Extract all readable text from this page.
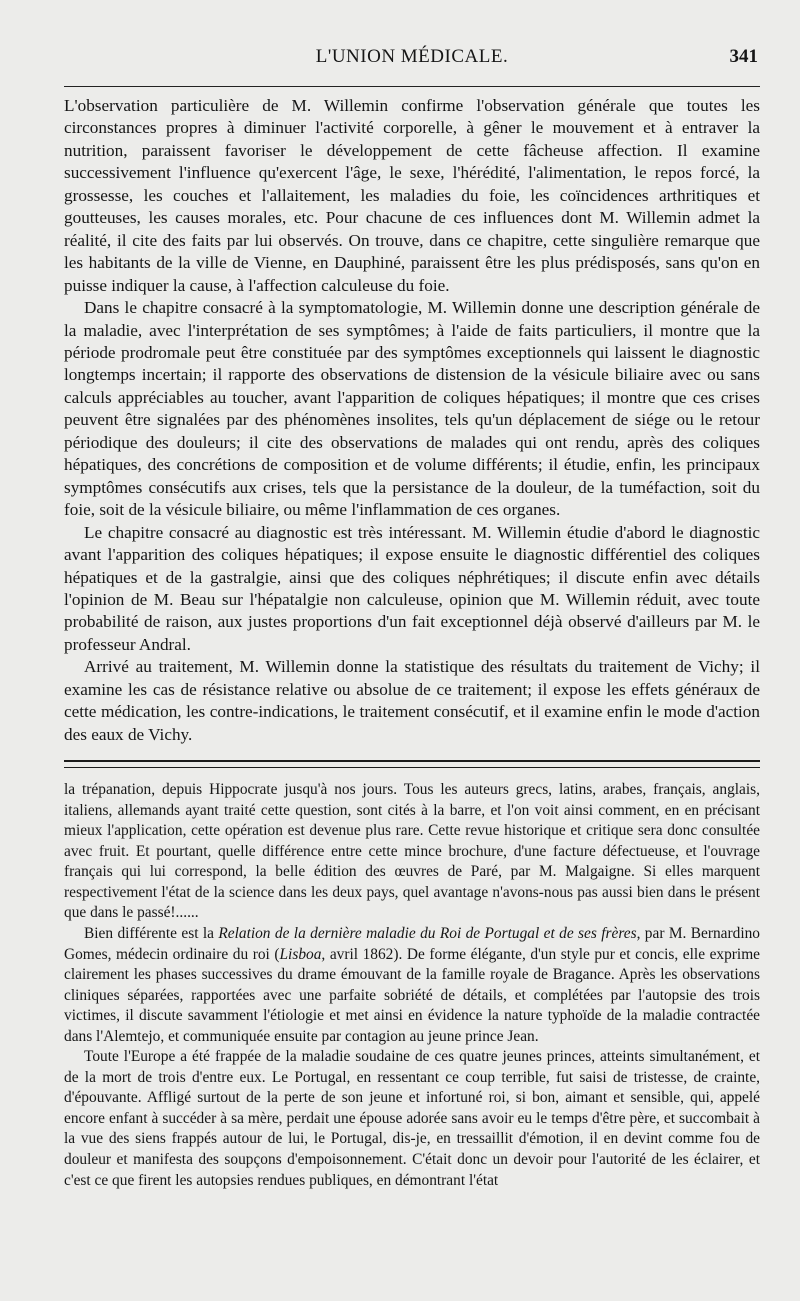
L'UNION MÉDICALE.	341

L'observation particulière de M. Willemin confirme l'observation générale que toutes les circonstances propres à diminuer l'activité corporelle, à gêner le mouvement et à entraver la nutrition, paraissent favoriser le développement de cette fâcheuse affection. Il examine successivement l'influence qu'exercent l'âge, le sexe, l'hérédité, l'alimentation, le repos forcé, la grossesse, les couches et l'allaitement, les maladies du foie, les coïncidences arthritiques et goutteuses, les causes morales, etc. Pour chacune de ces influences dont M. Willemin admet la réalité, il cite des faits par lui observés. On trouve, dans ce chapitre, cette singulière remarque que les habitants de la ville de Vienne, en Dauphiné, paraissent être les plus prédisposés, sans qu'on en puisse indiquer la cause, à l'affection calculeuse du foie.

Dans le chapitre consacré à la symptomatologie, M. Willemin donne une description générale de la maladie, avec l'interprétation de ses symptômes; à l'aide de faits particuliers, il montre que la période prodromale peut être constituée par des symptômes exceptionnels qui laissent le diagnostic longtemps incertain; il rapporte des observations de distension de la vésicule biliaire avec ou sans calculs appréciables au toucher, avant l'apparition de coliques hépatiques; il montre que ces crises peuvent être signalées par des phénomènes insolites, tels qu'un déplacement de siége ou le retour périodique des douleurs; il cite des observations de malades qui ont rendu, après des coliques hépatiques, des concrétions de composition et de volume différents; il étudie, enfin, les principaux symptômes consécutifs aux crises, tels que la persistance de la douleur, de la tuméfaction, soit du foie, soit de la vésicule biliaire, ou même l'inflammation de ces organes.

Le chapitre consacré au diagnostic est très intéressant. M. Willemin étudie d'abord le diagnostic avant l'apparition des coliques hépatiques; il expose ensuite le diagnostic différentiel des coliques hépatiques et de la gastralgie, ainsi que des coliques néphrétiques; il discute enfin avec détails l'opinion de M. Beau sur l'hépatalgie non calculeuse, opinion que M. Willemin réduit, avec toute probabilité de raison, aux justes proportions d'un fait exceptionnel déjà observé d'ailleurs par M. le professeur Andral.

Arrivé au traitement, M. Willemin donne la statistique des résultats du traitement de Vichy; il examine les cas de résistance relative ou absolue de ce traitement; il expose les effets généraux de cette médication, les contre-indications, le traitement consécutif, et il examine enfin le mode d'action des eaux de Vichy.

la trépanation, depuis Hippocrate jusqu'à nos jours. Tous les auteurs grecs, latins, arabes, français, anglais, italiens, allemands ayant traité cette question, sont cités à la barre, et l'on voit ainsi comment, en en précisant mieux l'application, cette opération est devenue plus rare. Cette revue historique et critique sera donc consultée avec fruit. Et pourtant, quelle différence entre cette mince brochure, d'une facture défectueuse, et l'ouvrage français qui lui correspond, la belle édition des œuvres de Paré, par M. Malgaigne. Si elles marquent respectivement l'état de la science dans les deux pays, quel avantage n'avons-nous pas aussi bien dans le présent que dans le passé!......

Bien différente est la Relation de la dernière maladie du Roi de Portugal et de ses frères, par M. Bernardino Gomes, médecin ordinaire du roi (Lisboa, avril 1862). De forme élégante, d'un style pur et concis, elle exprime clairement les phases successives du drame émouvant de la famille royale de Bragance. Après les observations cliniques séparées, rapportées avec une parfaite sobriété de détails, et complétées par l'autopsie des trois victimes, il discute savamment l'étiologie et met ainsi en évidence la nature typhoïde de la maladie contractée dans l'Alemtejo, et communiquée ensuite par contagion au jeune prince Jean.

Toute l'Europe a été frappée de la maladie soudaine de ces quatre jeunes princes, atteints simultanément, et de la mort de trois d'entre eux. Le Portugal, en ressentant ce coup terrible, fut saisi de tristesse, de crainte, d'épouvante. Affligé surtout de la perte de son jeune et infortuné roi, si bon, aimant et sensible, qui, appelé encore enfant à succéder à sa mère, perdait une épouse adorée sans avoir eu le temps d'être père, et succombait à la vue des siens frappés autour de lui, le Portugal, dis-je, en tressaillit d'émotion, il en devint comme fou de douleur et manifesta des soupçons d'empoisonnement. C'était donc un devoir pour l'autorité de les éclairer, et c'est ce que firent les autopsies rendues publiques, en démontrant l'état
